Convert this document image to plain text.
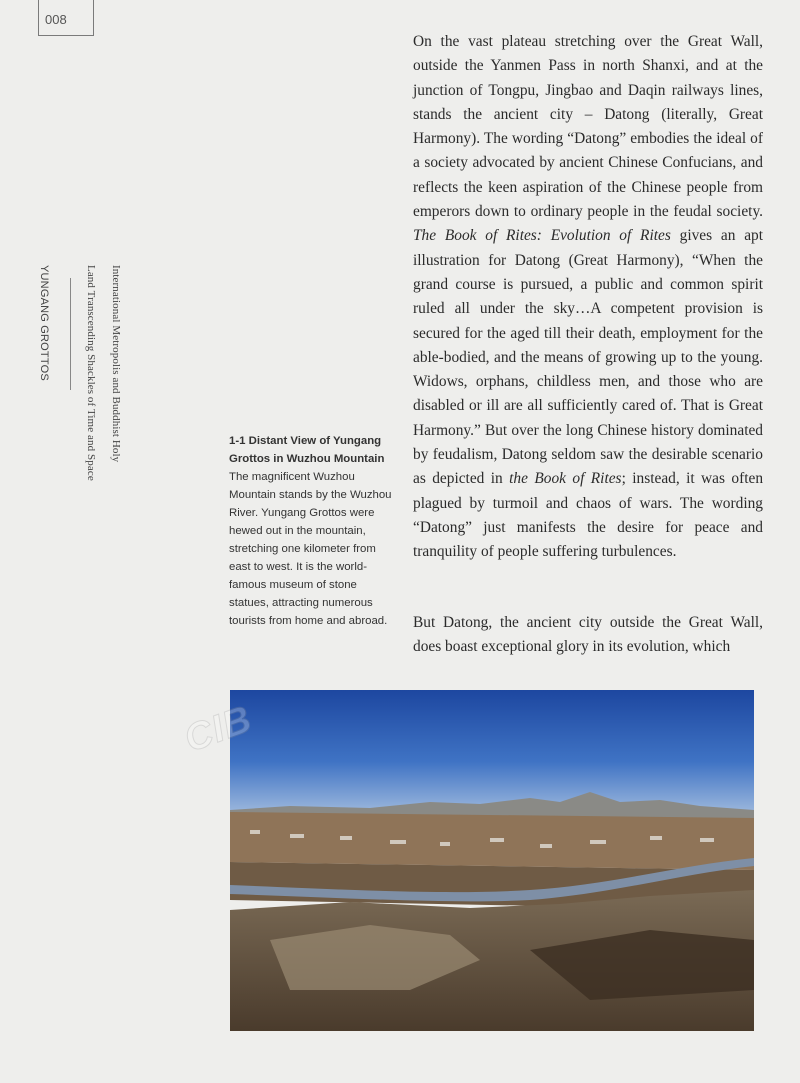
008
YUNGANG GROTTOS	Land Transcending Shackles of Time and Space International Metropolis and Buddhist Holy

On the vast plateau stretching over the Great Wall, outside the Yanmen Pass in north Shanxi, and at the junction of Tongpu, Jingbao and Daqin railways lines, stands the ancient city – Datong (literally, Great Harmony). The wording “Datong” embodies the ideal of a society advocated by ancient Chinese Confucians, and reflects the keen aspiration of the Chinese people from emperors down to ordinary people in the feudal society. The Book of Rites: Evolution of Rites gives an apt illustration for Datong (Great Harmony), “When the grand course is pursued, a public and common spirit ruled all under the sky…A competent provision is secured for the aged till their death, employment for the able-bodied, and the means of growing up to the young. Widows, orphans, childless men, and those who are disabled or ill are all sufficiently cared of. That is Great Harmony.” But over the long Chinese history dominated by feudalism, Datong seldom saw the desirable scenario as depicted in the Book of Rites; instead, it was often plagued by turmoil and chaos of wars. The wording “Datong” just manifests the desire for peace and tranquility of people suffering turbulences.

But Datong, the ancient city outside the Great Wall, does boast exceptional glory in its evolution, which

1-1 Distant View of Yungang Grottos in Wuzhou Mountain
The magnificent Wuzhou Mountain stands by the Wuzhou River. Yungang Grottos were hewed out in the mountain, stretching one kilometer from east to west. It is the world-famous museum of stone statues, attracting numerous tourists from home and abroad.
CIB
